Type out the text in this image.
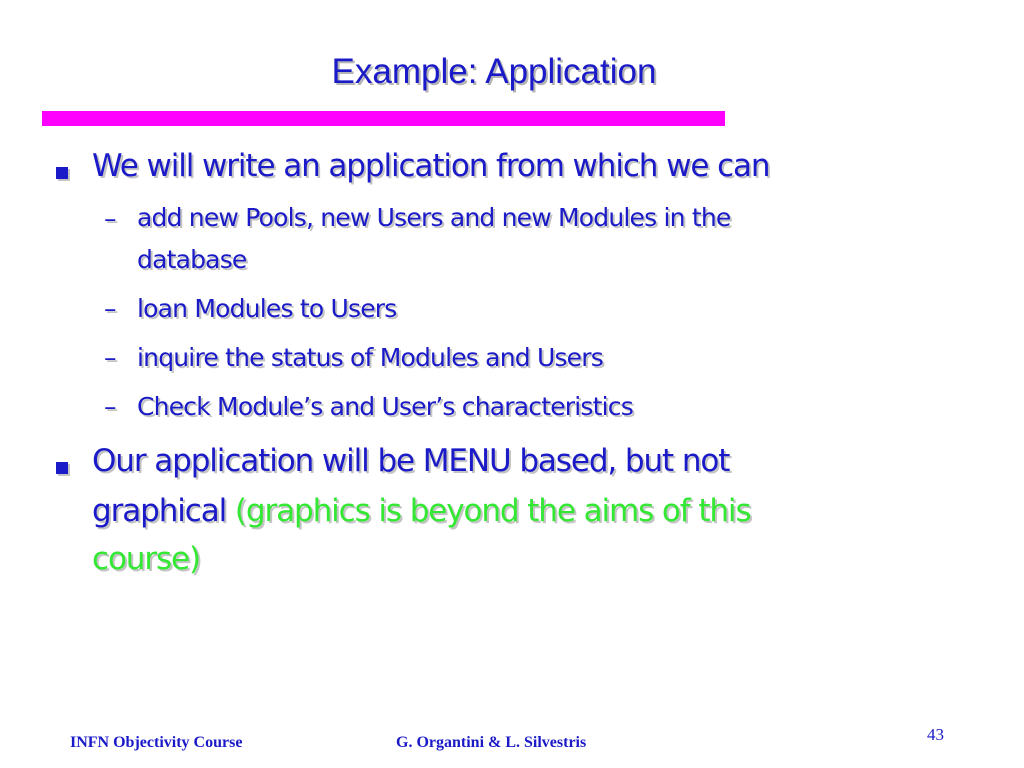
Example: Application
We will write an application from which we can
– add new Pools, new Users and new Modules in the
database
– loan Modules to Users
– inquire the status of Modules and Users
– Check Module’s and User’s characteristics
Our application will be MENU based, but not
graphical (graphics is beyond the aims of this
course)
INFN Objectivity Course	G. Organtini & L. Silvestris	43
